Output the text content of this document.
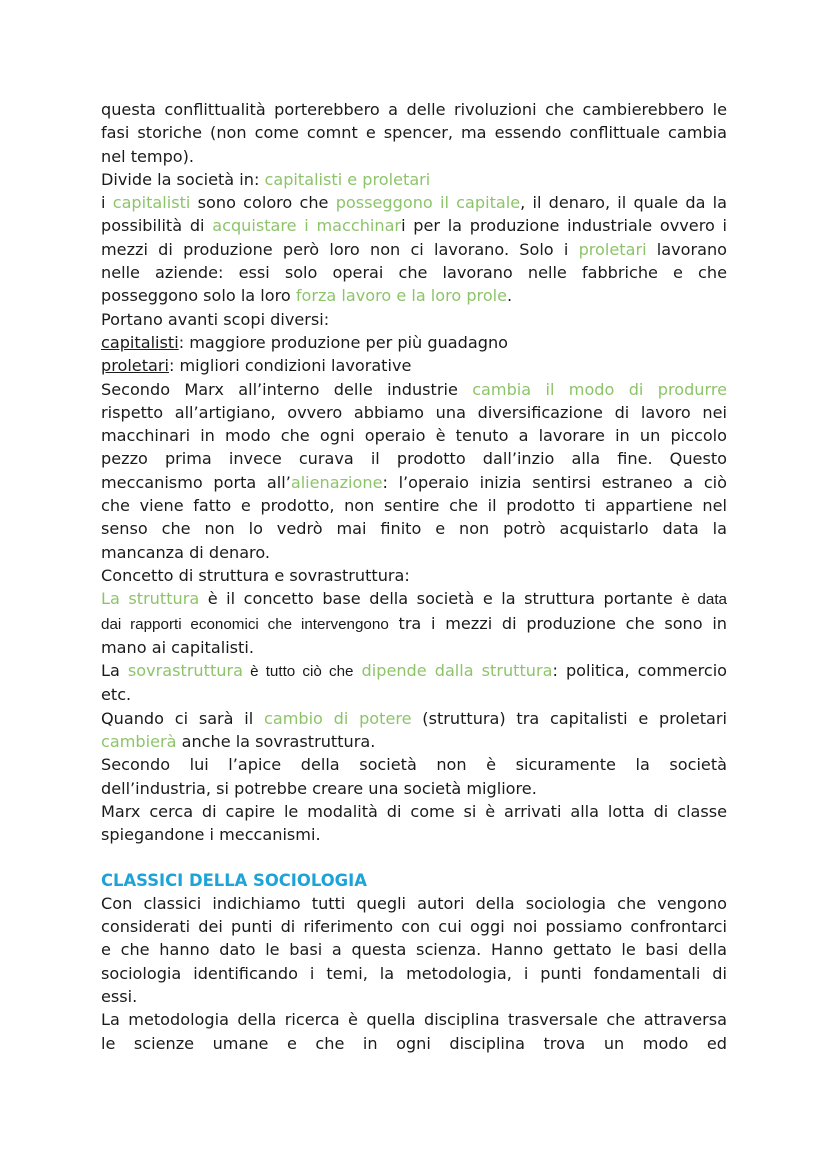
questa conflittualità porterebbero a delle rivoluzioni che cambierebbero le

fasi storiche (non come comnt e spencer, ma essendo conflittuale cambia

nel tempo).

Divide la società in: capitalisti e proletari

i capitalisti sono coloro che posseggono il capitale, il denaro, il quale da la

possibilità di acquistare i macchinari per la produzione industriale ovvero i

mezzi di produzione però loro non ci lavorano. Solo i proletari lavorano

nelle aziende: essi solo operai che lavorano nelle fabbriche e che

posseggono solo la loro forza lavoro e la loro prole.

Portano avanti scopi diversi:

capitalisti: maggiore produzione per più guadagno

proletari: migliori condizioni lavorative

Secondo Marx all’interno delle industrie cambia il modo di produrre

rispetto all’artigiano, ovvero abbiamo una diversificazione di lavoro nei

macchinari in modo che ogni operaio è tenuto a lavorare in un piccolo

pezzo prima invece curava il prodotto dall’inzio alla fine. Questo

meccanismo porta all’alienazione: l’operaio inizia sentirsi estraneo a ciò

che viene fatto e prodotto, non sentire che il prodotto ti appartiene nel

senso che non lo vedrò mai finito e non potrò acquistarlo data la

mancanza di denaro.

Concetto di struttura e sovrastruttura:

La struttura è il concetto base della società e la struttura portante è data

dai rapporti economici che intervengono tra i mezzi di produzione che sono in

mano ai capitalisti.

La sovrastruttura è tutto ciò che dipende dalla struttura: politica, commercio

etc.

Quando ci sarà il cambio di potere (struttura) tra capitalisti e proletari

cambierà anche la sovrastruttura.

Secondo lui l’apice della società non è sicuramente la società

dell’industria, si potrebbe creare una società migliore.

Marx cerca di capire le modalità di come si è arrivati alla lotta di classe

spiegandone i meccanismi.

CLASSICI DELLA SOCIOLOGIA

Con classici indichiamo tutti quegli autori della sociologia che vengono

considerati dei punti di riferimento con cui oggi noi possiamo confrontarci

e che hanno dato le basi a questa scienza. Hanno gettato le basi della

sociologia identificando i temi, la metodologia, i punti fondamentali di

essi.

La metodologia della ricerca è quella disciplina trasversale che attraversa

le scienze umane e che in ogni disciplina trova un modo ed
